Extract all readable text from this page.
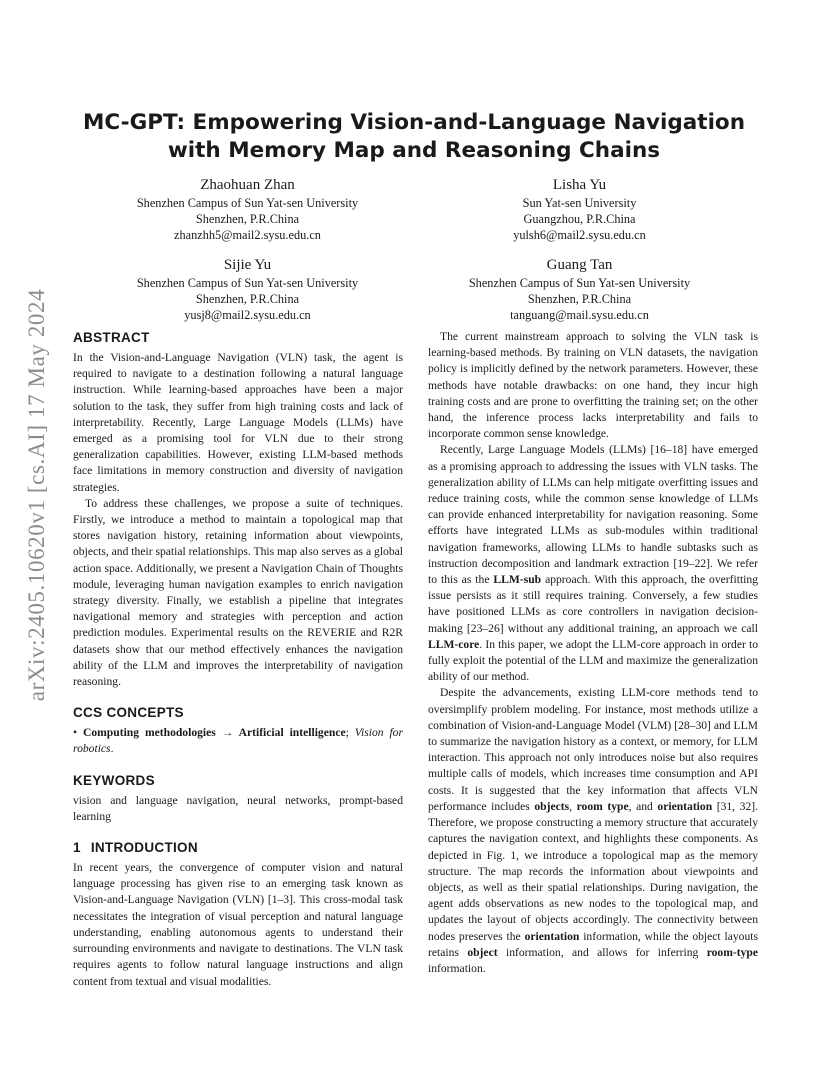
arXiv:2405.10620v1 [cs.AI] 17 May 2024
MC-GPT: Empowering Vision-and-Language Navigation with Memory Map and Reasoning Chains
Zhaohuan Zhan
Shenzhen Campus of Sun Yat-sen University
Shenzhen, P.R.China
zhanzhh5@mail2.sysu.edu.cn
Lisha Yu
Sun Yat-sen University
Guangzhou, P.R.China
yulsh6@mail2.sysu.edu.cn
Sijie Yu
Shenzhen Campus of Sun Yat-sen University
Shenzhen, P.R.China
yusj8@mail2.sysu.edu.cn
Guang Tan
Shenzhen Campus of Sun Yat-sen University
Shenzhen, P.R.China
tanguang@mail.sysu.edu.cn
ABSTRACT

In the Vision-and-Language Navigation (VLN) task, the agent is required to navigate to a destination following a natural language instruction. While learning-based approaches have been a major solution to the task, they suffer from high training costs and lack of interpretability. Recently, Large Language Models (LLMs) have emerged as a promising tool for VLN due to their strong generalization capabilities. However, existing LLM-based methods face limitations in memory construction and diversity of navigation strategies.

To address these challenges, we propose a suite of techniques. Firstly, we introduce a method to maintain a topological map that stores navigation history, retaining information about viewpoints, objects, and their spatial relationships. This map also serves as a global action space. Additionally, we present a Navigation Chain of Thoughts module, leveraging human navigation examples to enrich navigation strategy diversity. Finally, we establish a pipeline that integrates navigational memory and strategies with perception and action prediction modules. Experimental results on the REVERIE and R2R datasets show that our method effectively enhances the navigation ability of the LLM and improves the interpretability of navigation reasoning.

CCS CONCEPTS

• Computing methodologies → Artificial intelligence; Vision for robotics.

KEYWORDS

vision and language navigation, neural networks, prompt-based learning

1 INTRODUCTION

In recent years, the convergence of computer vision and natural language processing has given rise to an emerging task known as Vision-and-Language Navigation (VLN) [1–3]. This cross-modal task necessitates the integration of visual perception and natural language understanding, enabling autonomous agents to understand their surrounding environments and navigate to destinations. The VLN task requires agents to follow natural language instructions and align content from textual and visual modalities.

The current mainstream approach to solving the VLN task is learning-based methods. By training on VLN datasets, the navigation policy is implicitly defined by the network parameters. However, these methods have notable drawbacks: on one hand, they incur high training costs and are prone to overfitting the training set; on the other hand, the inference process lacks interpretability and fails to incorporate common sense knowledge.

Recently, Large Language Models (LLMs) [16–18] have emerged as a promising approach to addressing the issues with VLN tasks. The generalization ability of LLMs can help mitigate overfitting issues and reduce training costs, while the common sense knowledge of LLMs can provide enhanced interpretability for navigation reasoning. Some efforts have integrated LLMs as sub-modules within traditional navigation frameworks, allowing LLMs to handle subtasks such as instruction decomposition and landmark extraction [19–22]. We refer to this as the LLM-sub approach. With this approach, the overfitting issue persists as it still requires training. Conversely, a few studies have positioned LLMs as core controllers in navigation decision-making [23–26] without any additional training, an approach we call LLM-core. In this paper, we adopt the LLM-core approach in order to fully exploit the potential of the LLM and maximize the generalization ability of our method.

Despite the advancements, existing LLM-core methods tend to oversimplify problem modeling. For instance, most methods utilize a combination of Vision-and-Language Model (VLM) [28–30] and LLM to summarize the navigation history as a context, or memory, for LLM interaction. This approach not only introduces noise but also requires multiple calls of models, which increases time consumption and API costs. It is suggested that the key information that affects VLN performance includes objects, room type, and orientation [31, 32]. Therefore, we propose constructing a memory structure that accurately captures the navigation context, and highlights these components. As depicted in Fig. 1, we introduce a topological map as the memory structure. The map records the information about viewpoints and objects, as well as their spatial relationships. During navigation, the agent adds observations as new nodes to the topological map, and updates the layout of objects accordingly. The connectivity between nodes preserves the orientation information, while the object layouts retains object information, and allows for inferring room-type information.
